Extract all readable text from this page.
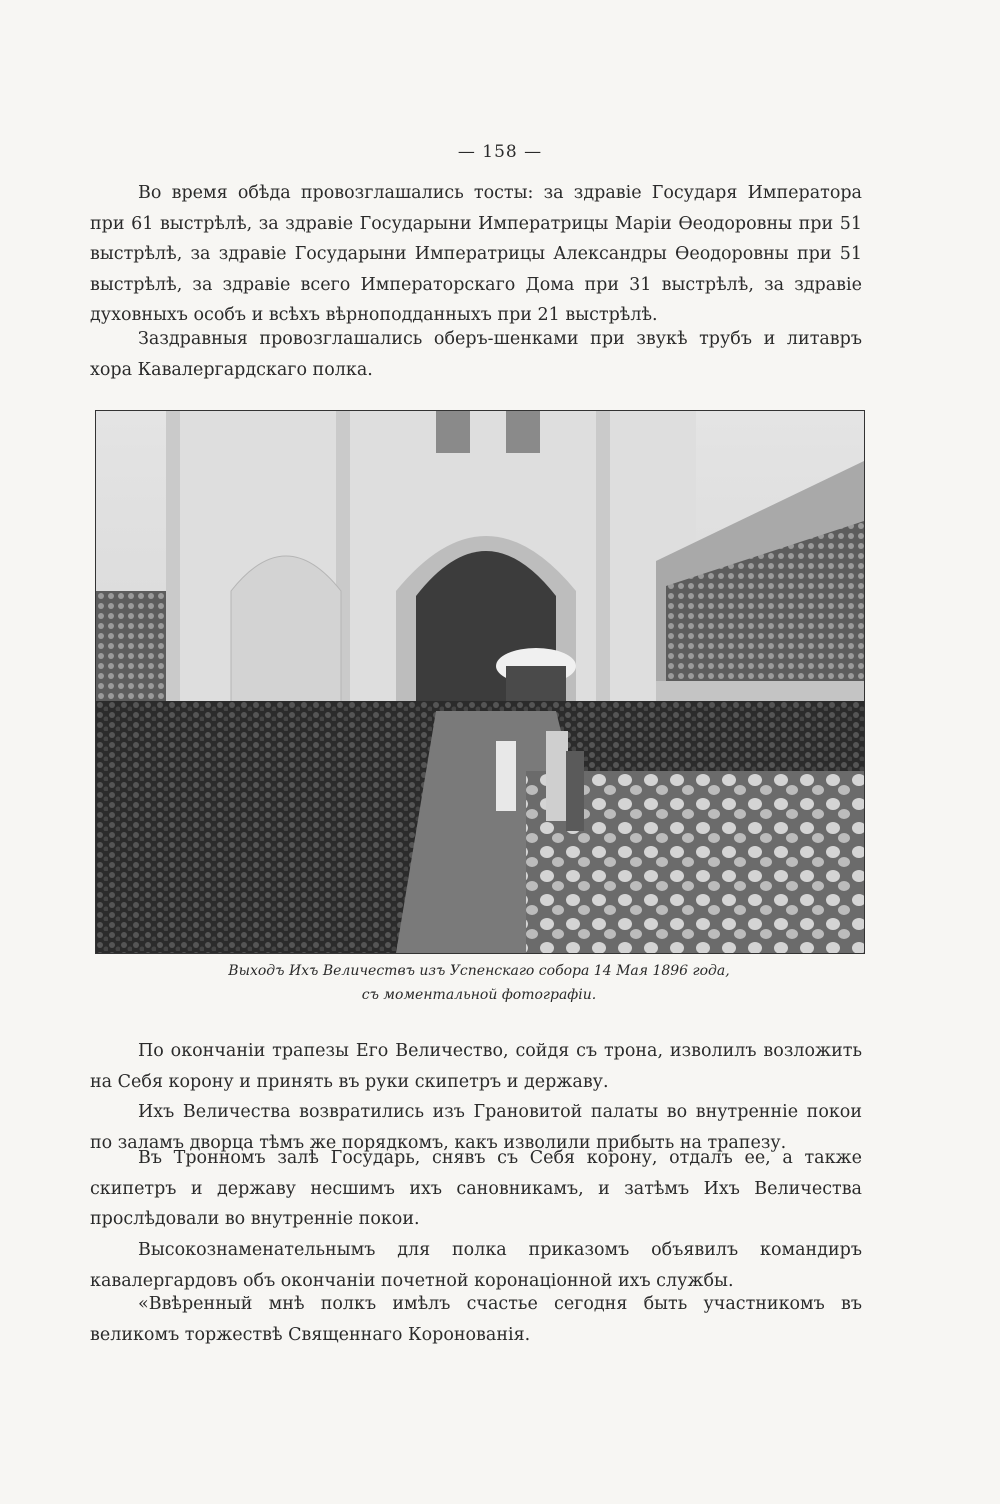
— 158 —

Во время обѣда провозглашались тосты: за здравіе Государя Императора при 61 выстрѣлѣ, за здравіе Государыни Императрицы Маріи Ѳеодоровны при 51 выстрѣлѣ, за здравіе Государыни Императрицы Александры Ѳеодоровны при 51 выстрѣлѣ, за здравіе всего Императорскаго Дома при 31 выстрѣлѣ, за здравіе духовныхъ особъ и всѣхъ вѣрноподданныхъ при 21 выстрѣлѣ.

Заздравныя провозглашались оберъ-шенками при звукѣ трубъ и литавръ хора Кавалергардскаго полка.

Выходъ Ихъ Величествъ изъ Успенскаго собора 14 Мая 1896 года,
съ моментальной фотографіи.

По окончаніи трапезы Его Величество, сойдя съ трона, изволилъ возложить на Себя корону и принять въ руки скипетръ и державу.

Ихъ Величества возвратились изъ Грановитой палаты во внутренніе покои по заламъ дворца тѣмъ же порядкомъ, какъ изволили прибыть на трапезу.

Въ Тронномъ залѣ Государь, снявъ съ Себя корону, отдалъ ее, а также скипетръ и державу несшимъ ихъ сановникамъ, и затѣмъ Ихъ Величества прослѣдовали во внутренніе покои.

Высокознаменательнымъ для полка приказомъ объявилъ командиръ кавалергардовъ объ окончаніи почетной коронаціонной ихъ службы.

«Ввѣренный мнѣ полкъ имѣлъ счастье сегодня быть участникомъ въ великомъ торжествѣ Священнаго Коронованія.
